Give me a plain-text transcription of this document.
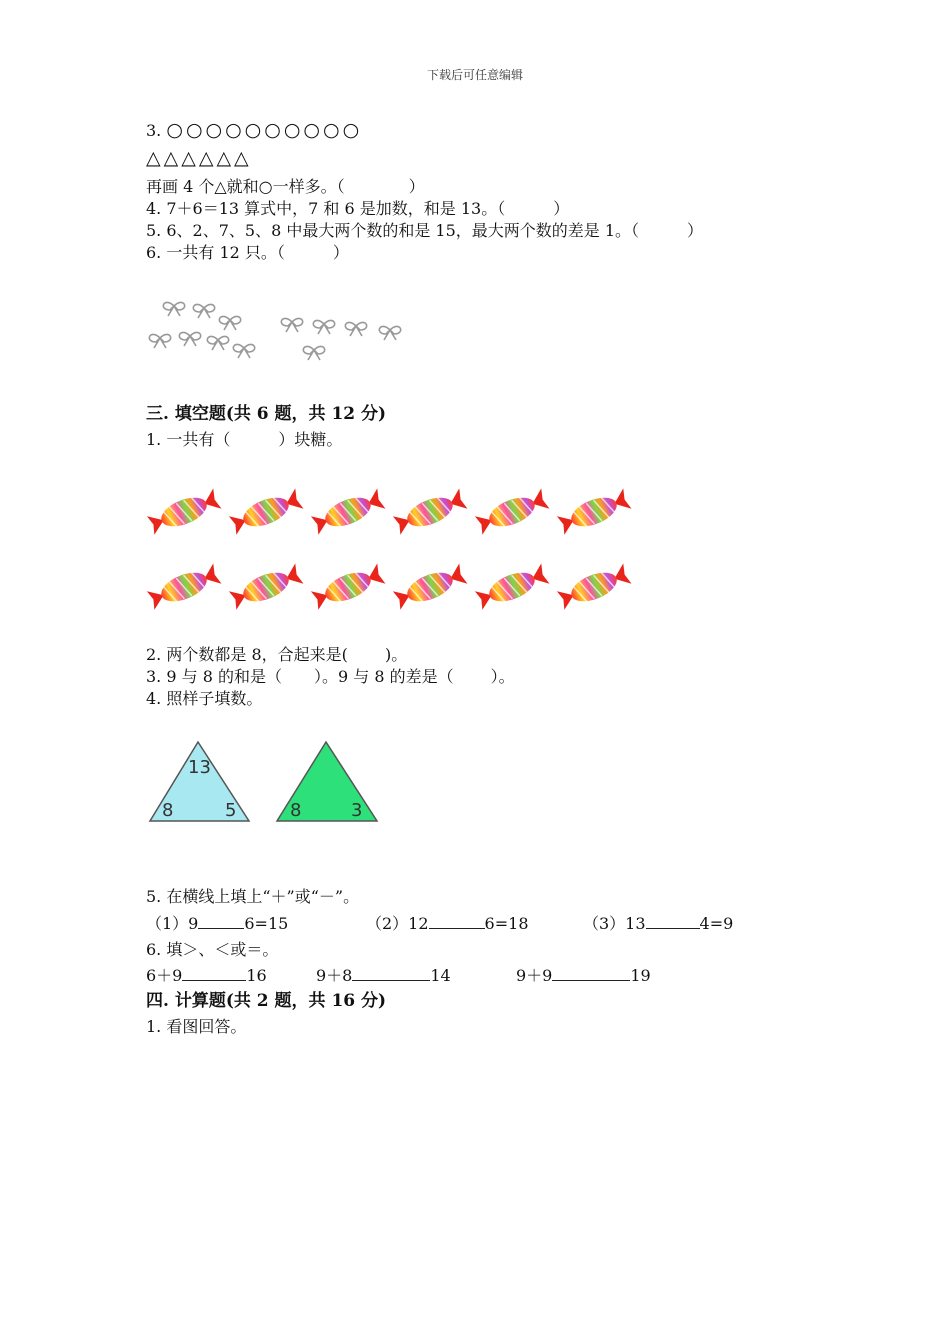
下载后可任意编辑
3. ○○○○○○○○○○
△△△△△△
再画 4 个△就和○一样多。（　　　　）
4. 7＋6＝13 算式中，7 和 6 是加数，和是 13。（　　　）
5. 6、2、7、5、8 中最大两个数的和是 15，最大两个数的差是 1。（　　　）
6. 一共有 12 只。（　　　）
三. 填空题(共 6 题，共 12 分)
1. 一共有（　　　）块糖。
2. 两个数都是 8，合起来是(　　 )。
3. 9 与 8 的和是（　　）。9 与 8 的差是（　　 ）。
4. 照样子填数。
13
8	5	8	3
5. 在横线上填上“＋”或“－”。
（1）9	6=15	（2）12	6=18	（3）13	4=9
6. 填＞、＜或＝。
6＋9	16	9＋8	14	9＋9	19
四. 计算题(共 2 题，共 16 分)
1. 看图回答。
